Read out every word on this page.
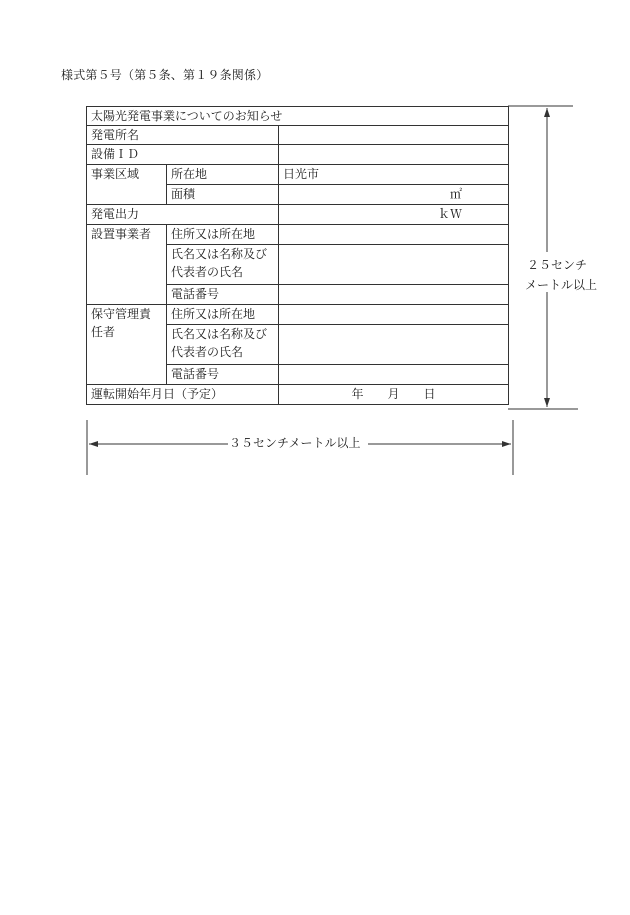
様式第５号（第５条、第１９条関係）
太陽光発電事業についてのお知らせ		
発電所名		
設備ＩＤ		
事業区域	所在地	日光市
	面積	㎡
発電出力		ｋＷ
設置事業者	住所又は所在地	
	氏名又は名称及び
代表者の氏名	
	電話番号	
保守管理責
任者	住所又は所在地	
	氏名又は名称及び
代表者の氏名	
	電話番号	
運転開始年月日（予定）		年　　月　　日
２５センチ
メートル以上
３５センチメートル以上
